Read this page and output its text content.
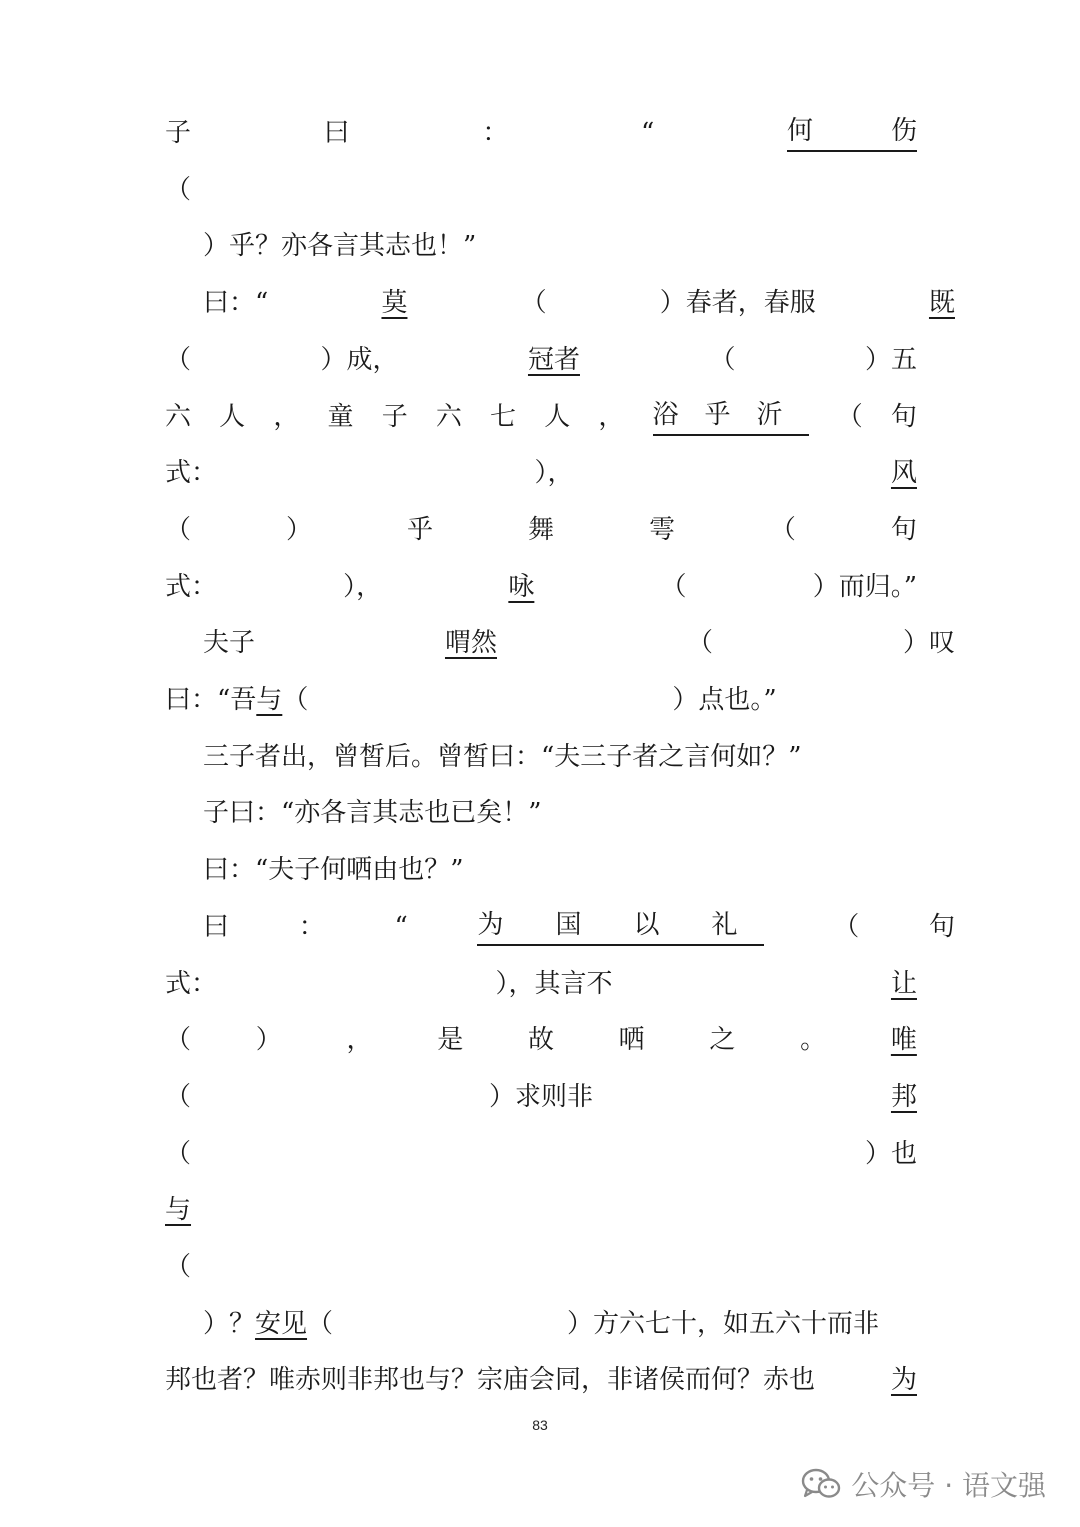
子	曰	：	“	何　　　伤
（
）乎？亦各言其志也！”
曰：“	莫	（	）春者，春服	既
（	）成，	冠者	（	）五
六 人 ， 童 子 六 七 人 ， 浴　乎　沂　 （ 句
式：	），	风
（	）	乎	舞	雩	（	句
式：	），	咏	（	）而归。”
夫子	喟然	（	）叹
曰：“吾 与 （　　　　　　　　　　　　　　）点也。”
三子者出，曾皙后。曾皙曰：“夫三子者之言何如？”
子曰：“亦各言其志也已矣！”
曰：“夫子何哂由也？”
曰	：	“	为　　国　　以　　礼　	（	句
式：	），其言不	让
（ ） ， 是 故 哂 之 。 唯
（	）求则非	邦
（	）也
与
（
）？ 安见 （　　　　　　　　　）方六七十，如五六十而非
邦也者？唯赤则非邦也与？宗庙会同，非诸侯而何？赤也	为
83
公众号 · 语文强
